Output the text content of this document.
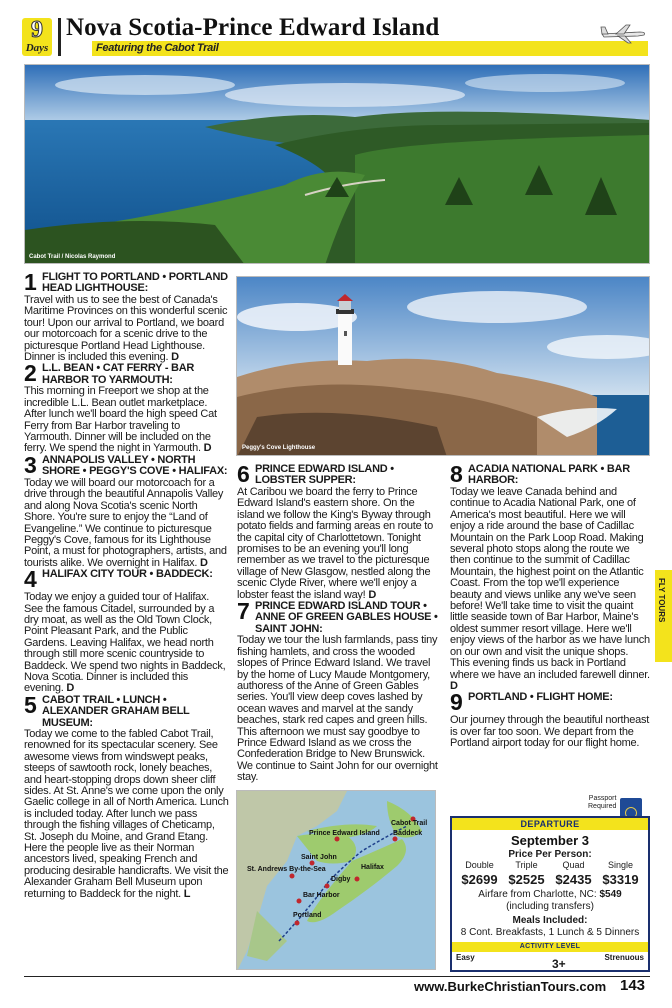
9
Days
Nova Scotia-Prince Edward Island
Featuring the Cabot Trail
Cabot Trail / Nicolas Raymond
Peggy's Cove Lighthouse
1 FLIGHT TO PORTLAND • PORTLAND HEAD LIGHTHOUSE:
Travel with us to see the best of Canada's Maritime Provinces on this wonderful scenic tour! Upon our arrival to Portland, we board our motorcoach for a scenic drive to the picturesque Portland Head Lighthouse. Dinner is included this evening. D
2 L.L. BEAN • CAT FERRY - BAR HARBOR TO YARMOUTH:
This morning in Freeport we shop at the incredible L.L. Bean outlet marketplace. After lunch we'll board the high speed Cat Ferry from Bar Harbor traveling to Yarmouth. Dinner will be included on the ferry. We spend the night in Yarmouth. D
3 ANNAPOLIS VALLEY • NORTH SHORE • PEGGY'S COVE • HALIFAX:
Today we will board our motorcoach for a drive through the beautiful Annapolis Valley and along Nova Scotia's scenic North Shore. You're sure to enjoy the “Land of Evangeline.” We continue to picturesque Peggy's Cove, famous for its Lighthouse Point, a must for photographers, artists, and tourists alike. We overnight in Halifax. D
4 HALIFAX CITY TOUR • BADDECK:
Today we enjoy a guided tour of Halifax. See the famous Citadel, surrounded by a dry moat, as well as the Old Town Clock, Point Pleasant Park, and the Public Gardens. Leaving Halifax, we head north through still more scenic countryside to Baddeck. We spend two nights in Baddeck, Nova Scotia. Dinner is included this evening. D
5 CABOT TRAIL • LUNCH • ALEXANDER GRAHAM BELL MUSEUM:
Today we come to the fabled Cabot Trail, renowned for its spectacular scenery. See awesome views from windswept peaks, steeps of sawtooth rock, lonely beaches, and heart-stopping drops down sheer cliff sides. At St. Anne's we come upon the only Gaelic college in all of North America. Lunch is included today. After lunch we pass through the fishing villages of Cheticamp, St. Joseph du Moine, and Grand Etang. Here the people live as their Norman ancestors lived, speaking French and producing desirable handicrafts. We visit the Alexander Graham Bell Museum upon returning to Baddeck for the night. L
6 PRINCE EDWARD ISLAND • LOBSTER SUPPER:
At Caribou we board the ferry to Prince Edward Island's eastern shore. On the island we follow the King's Byway through potato fields and farming areas en route to the capital city of Charlottetown. Tonight promises to be an evening you'll long remember as we travel to the picturesque village of New Glasgow, nestled along the scenic Clyde River, where we'll enjoy a lobster feast the island way! D
7 PRINCE EDWARD ISLAND TOUR • ANNE OF GREEN GABLES HOUSE • SAINT JOHN:
Today we tour the lush farmlands, pass tiny fishing hamlets, and cross the wooded slopes of Prince Edward Island. We travel by the home of Lucy Maude Montgomery, authoress of the Anne of Green Gables series. You'll view deep coves lashed by ocean waves and marvel at the sandy beaches, stark red capes and green hills. This afternoon we must say goodbye to Prince Edward Island as we cross the Confederation Bridge to New Brunswick. We continue to Saint John for our overnight stay.
8 ACADIA NATIONAL PARK • BAR HARBOR:
Today we leave Canada behind and continue to Acadia National Park, one of America's most beautiful. Here we will enjoy a ride around the base of Cadillac Mountain on the Park Loop Road. Making several photo stops along the route we then continue to the summit of Cadillac Mountain, the highest point on the Atlantic Coast. From the top we'll experience beauty and views unlike any we've seen before! We'll take time to visit the quaint little seaside town of Bar Harbor, Maine's oldest summer resort village. Here we'll enjoy views of the harbor as we have lunch on our own and visit the unique shops. This evening finds us back in Portland where we have an included farewell dinner. D
9 PORTLAND • FLIGHT HOME:
Our journey through the beautiful northeast is over far too soon. We depart from the Portland airport today for our flight home.
Cabot Trail
Prince Edward Island Baddeck
Saint John
St. Andrews By-the-Sea	Halifax
Digby
Bar Harbor
Portland
Passport
Required
DEPARTURE
September 3
Price Per Person:
Double	Triple	Quad	Single
$2699 $2525 $2435 $3319
Airfare from Charlotte, NC: $549
(including transfers)
Meals Included:
8 Cont. Breakfasts, 1 Lunch & 5 Dinners
ACTIVITY LEVEL
Easy	Strenuous
3+
FLY TOURS
www.BurkeChristianTours.com 143
